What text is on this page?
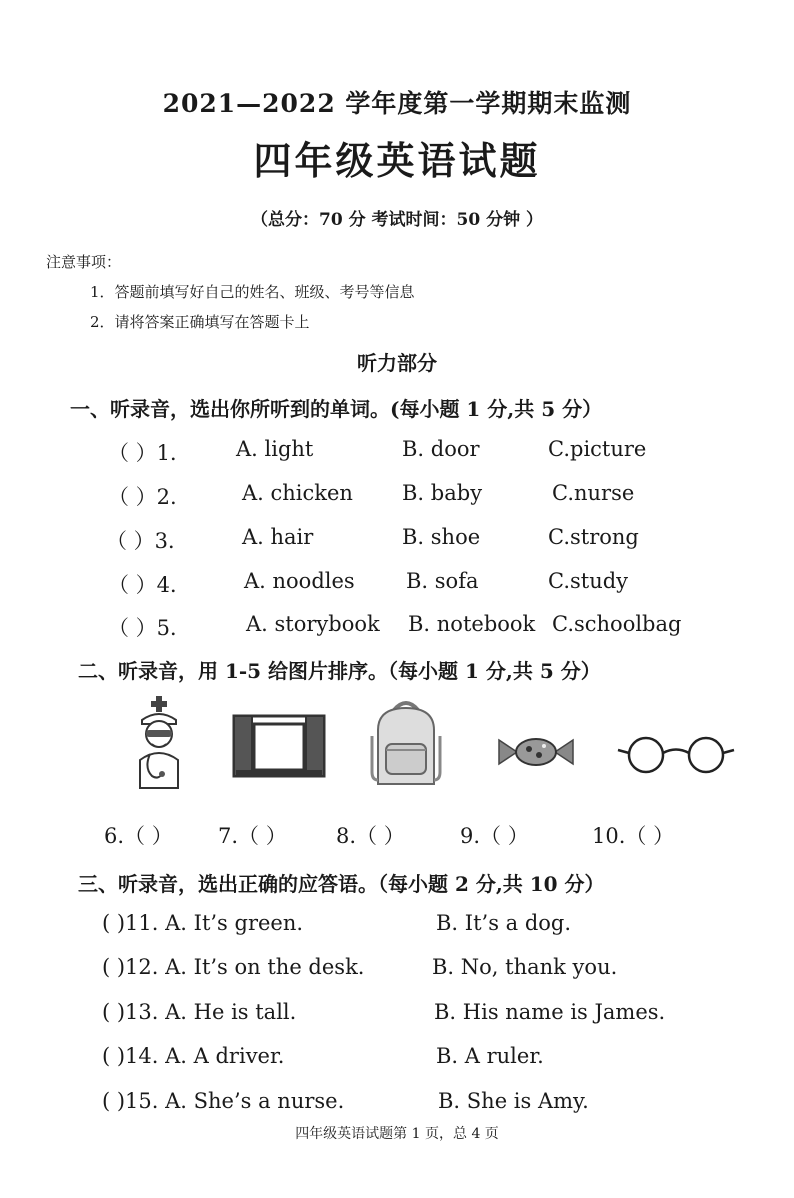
2021—2022 学年度第一学期期末监测
四年级英语试题
（总分：70 分 考试时间：50 分钟 ）
注意事项：
1．答题前填写好自己的姓名、班级、考号等信息
2．请将答案正确填写在答题卡上
听力部分
一、听录音，选出你所听到的单词。(每小题 1 分,共 5 分）
（ ）1． A. light	B. door	C.picture
（ ）2.	A. chicken B. baby	C.nurse
（ ）3．	A. hair	B. shoe	C.strong
（ ）4．	A. noodles B. sofa	C.study
（ ）5．	A. storybook B. notebook C.schoolbag
二、听录音，用 1-5 给图片排序。（每小题 1 分,共 5 分）
6.（ ） 7.（ ） 8.（ ）	9.（ ）	10.（ ）
三、听录音，选出正确的应答语。（每小题 2 分,共 10 分）
( )11. A. It’s green.	B. It’s a dog.
( )12. A. It’s on the desk.	B. No, thank you.
( )13. A. He is tall.	B. His name is James.
( )14. A. A driver.	B. A ruler.
( )15. A. She’s a nurse.	B. She is Amy.
四年级英语试题第 1 页，总 4 页
